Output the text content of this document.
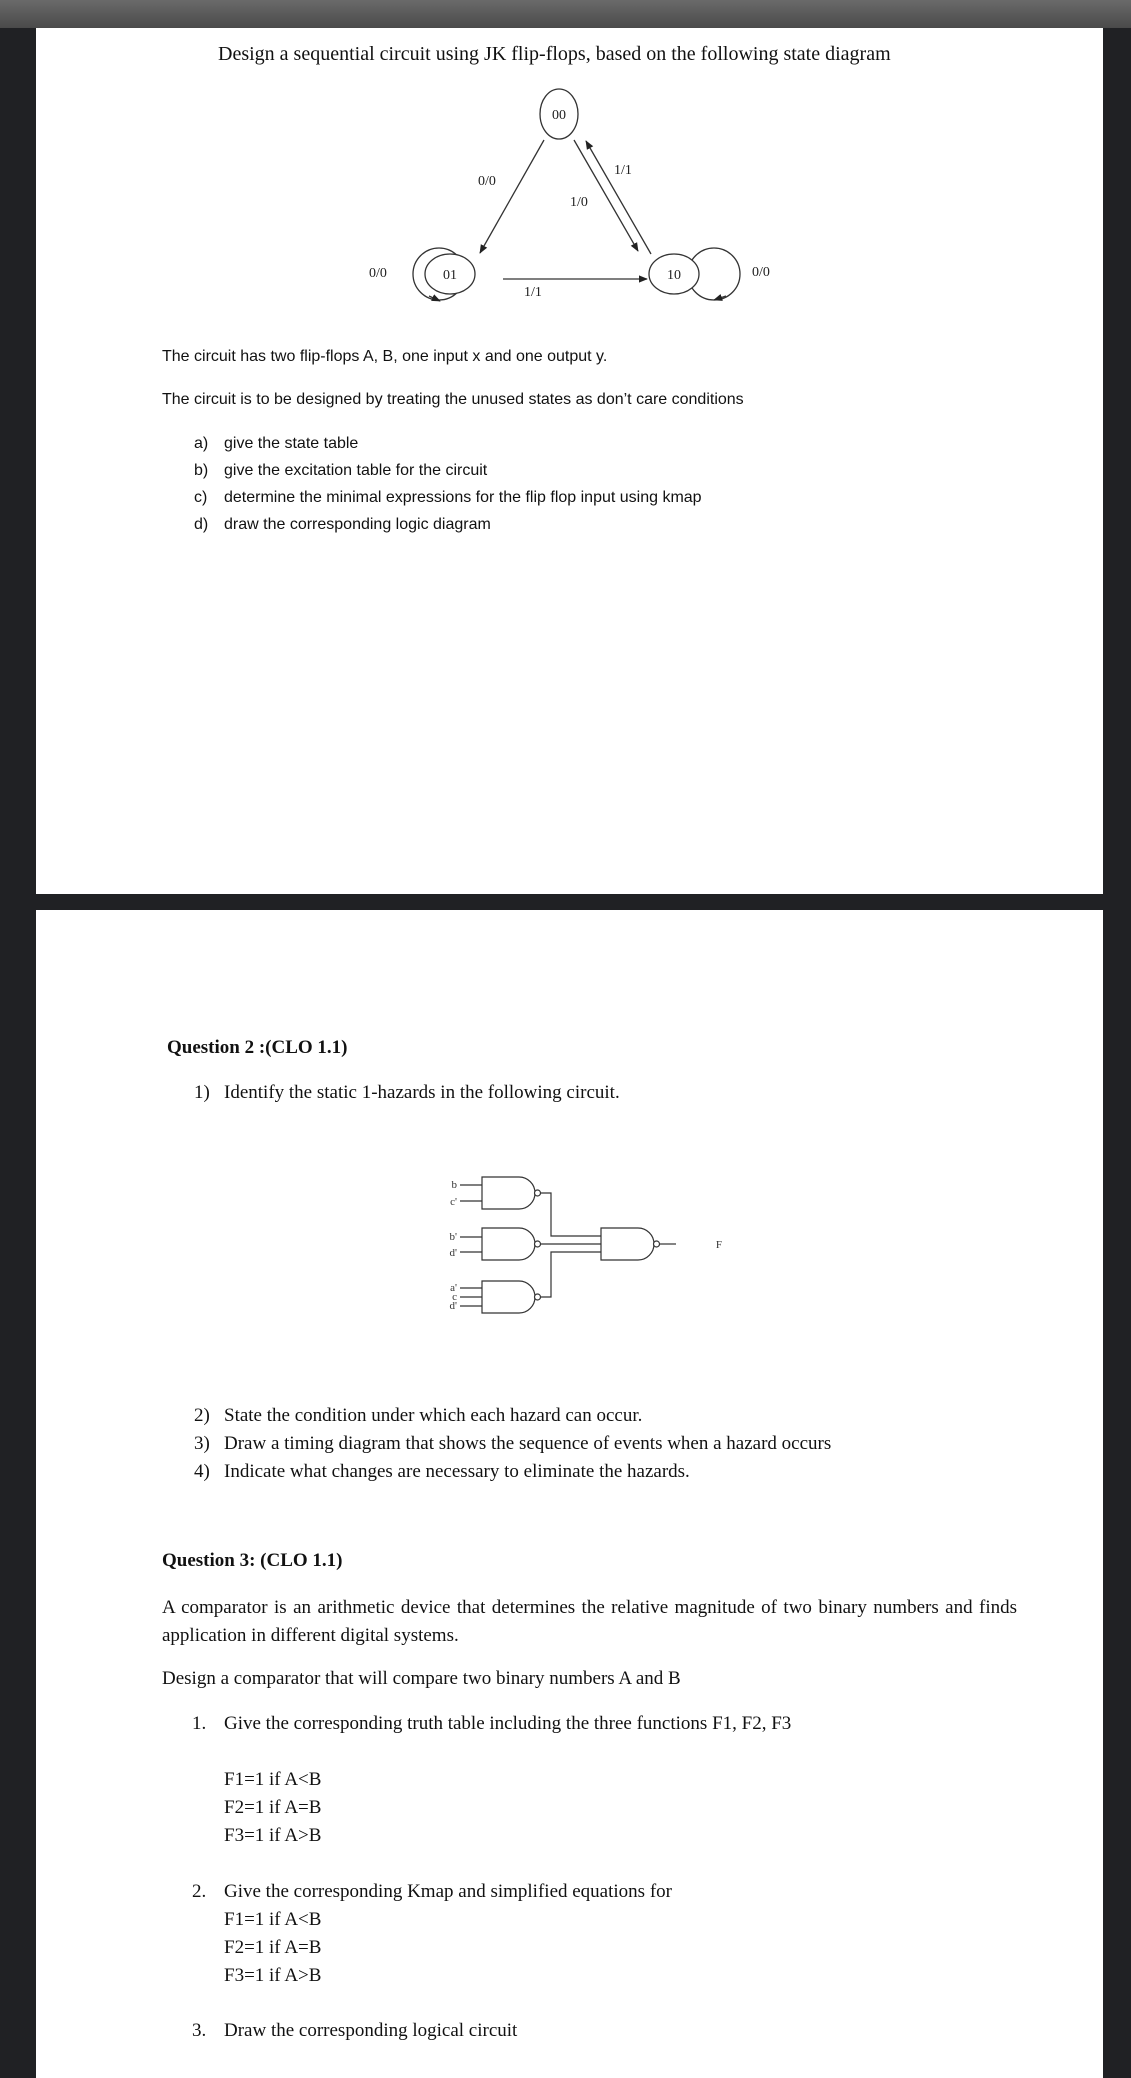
Design a sequential circuit using JK flip-flops, based on the following state diagram
00
01	10
0/0
1/1
1/0
1/1
0/0	0/0
The circuit has two flip-flops A, B, one input x and one output y.
The circuit is to be designed by treating the unused states as don’t care conditions
a) give the state table
b) give the excitation table for the circuit
c) determine the minimal expressions for the flip flop input using kmap
d) draw the corresponding logic diagram
Question 2 :(CLO 1.1)
1) Identify the static 1-hazards in the following circuit.
b
c'
b'
d'
a'
c
d'
F
2) State the condition under which each hazard can occur.
3) Draw a timing diagram that shows the sequence of events when a hazard occurs
4) Indicate what changes are necessary to eliminate the hazards.
Question 3: (CLO 1.1)
A comparator is an arithmetic device that determines the relative magnitude of two binary numbers and finds application in different digital systems.
Design a comparator that will compare two binary numbers A and B
1. Give the corresponding truth table including the three functions F1, F2, F3
F1=1 if A<B
F2=1 if A=B
F3=1 if A>B
2. Give the corresponding Kmap and simplified equations for
F1=1 if A<B
F2=1 if A=B
F3=1 if A>B
3. Draw the corresponding logical circuit
